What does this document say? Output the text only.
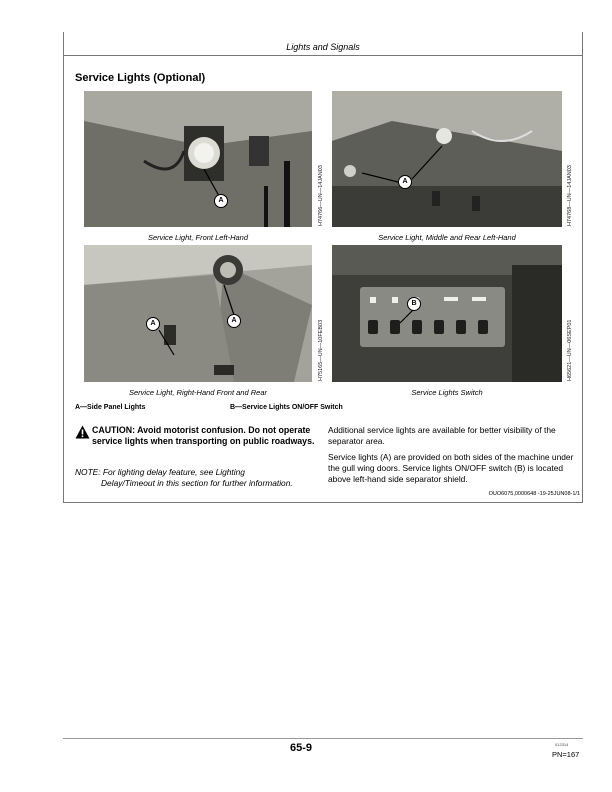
Lights and Signals
Service Lights (Optional)
A	H74766—UN—14JAN03
Service Light, Front Left-Hand
A	H74768—UN—14JAN03
Service Light, Middle and Rear Left-Hand
A	A	H75165—UN—10FEB03
Service Light, Right-Hand Front and Rear
B
H65621—UN—06SEP01
Service Lights Switch
A—Side Panel Lights	B—Service Lights ON/OFF Switch
CAUTION: Avoid motorist confusion. Do not operate service lights when transporting on public roadways.
NOTE: For lighting delay feature, see Lighting
Delay/Timeout in this section for further information.
Additional service lights are available for better visibility of the separator area.
Service lights (A) are provided on both sides of the machine under the gull wing doors. Service lights ON/OFF switch (B) is located above left-hand side separator shield.
OUO6075,0000648 -19-25JUN08-1/1
65-9	012314
PN=167
